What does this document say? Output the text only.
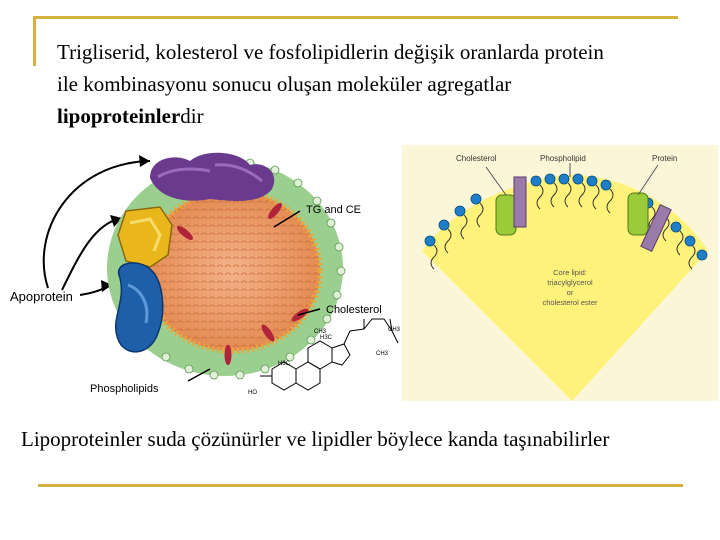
Trigliserid, kolesterol ve fosfolipidlerin değişik oranlarda protein
ile kombinasyonu sonucu oluşan moleküler agregatlar
lipoproteinlerdir
Apoprotein
TG and CE
Cholesterol
Phospholipids
H3C
H3C
CH3	CH3
CH3
HO
Cholesterol	Phospholipid	Protein
Core lipid:
triacylglycerol
or
cholesterol ester
Lipoproteinler suda çözünürler ve lipidler böylece kanda taşınabilirler
